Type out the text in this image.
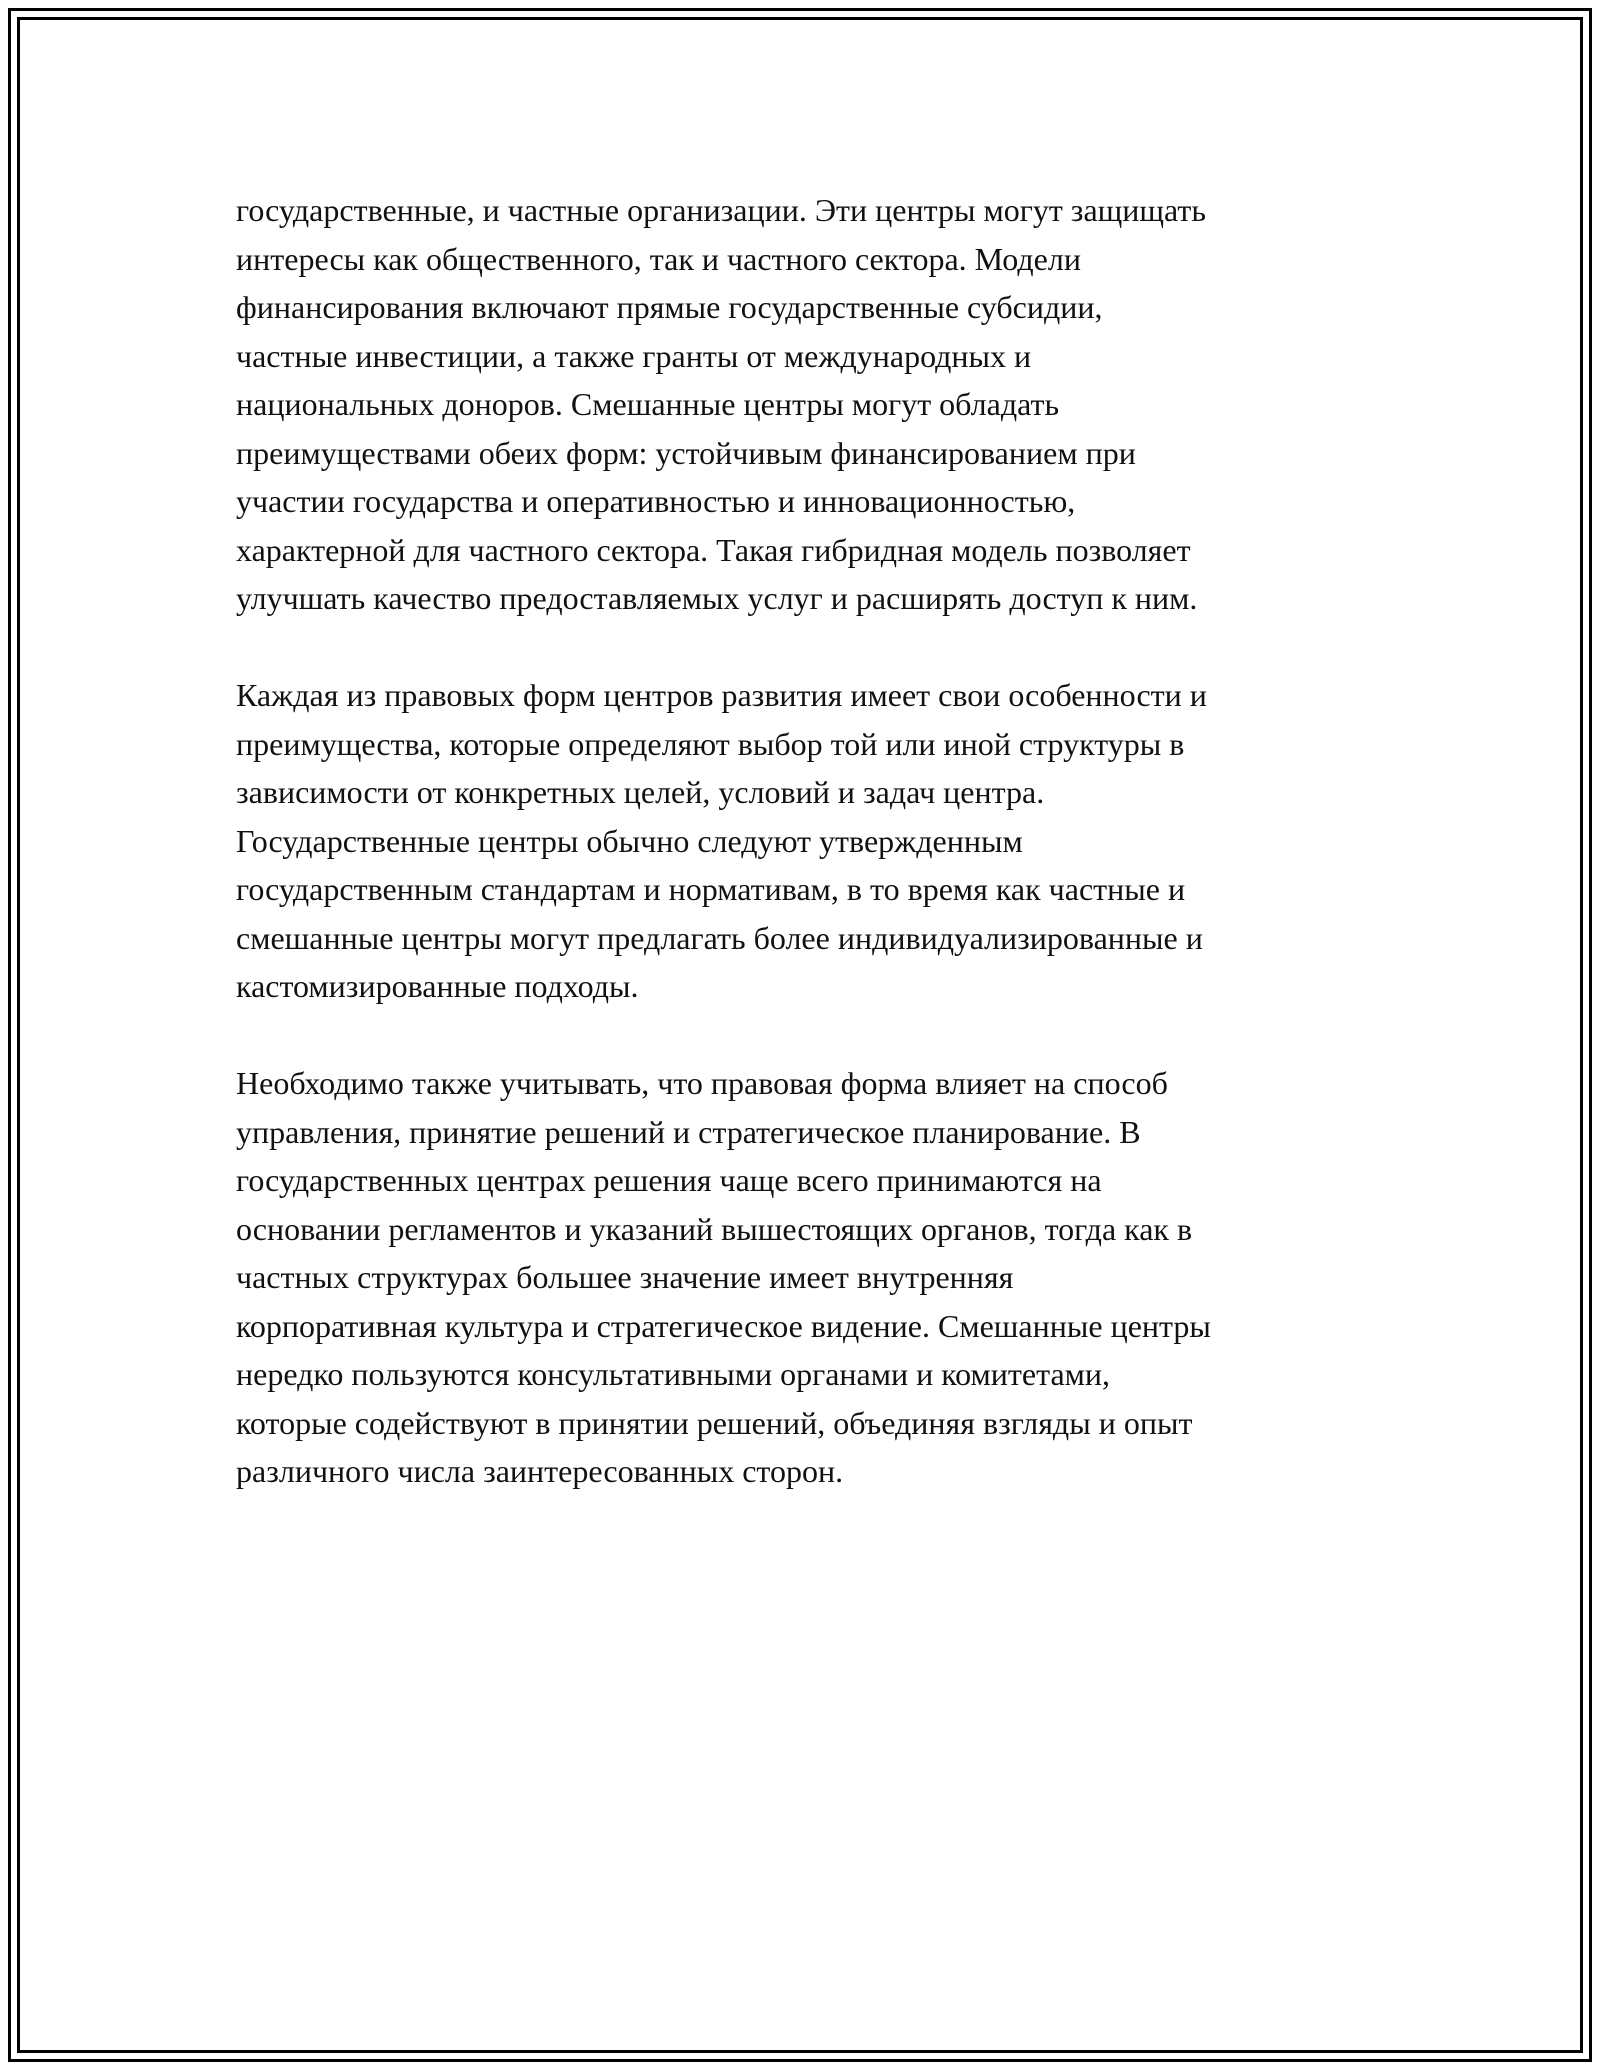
государственные, и частные организации. Эти центры могут защищать
интересы как общественного, так и частного сектора. Модели
финансирования включают прямые государственные субсидии,
частные инвестиции, а также гранты от международных и
национальных доноров. Смешанные центры могут обладать
преимуществами обеих форм: устойчивым финансированием при
участии государства и оперативностью и инновационностью,
характерной для частного сектора. Такая гибридная модель позволяет
улучшать качество предоставляемых услуг и расширять доступ к ним.

Каждая из правовых форм центров развития имеет свои особенности и
преимущества, которые определяют выбор той или иной структуры в
зависимости от конкретных целей, условий и задач центра.
Государственные центры обычно следуют утвержденным
государственным стандартам и нормативам, в то время как частные и
смешанные центры могут предлагать более индивидуализированные и
кастомизированные подходы.

Необходимо также учитывать, что правовая форма влияет на способ
управления, принятие решений и стратегическое планирование. В
государственных центрах решения чаще всего принимаются на
основании регламентов и указаний вышестоящих органов, тогда как в
частных структурах большее значение имеет внутренняя
корпоративная культура и стратегическое видение. Смешанные центры
нередко пользуются консультативными органами и комитетами,
которые содействуют в принятии решений, объединяя взгляды и опыт
различного числа заинтересованных сторон.
